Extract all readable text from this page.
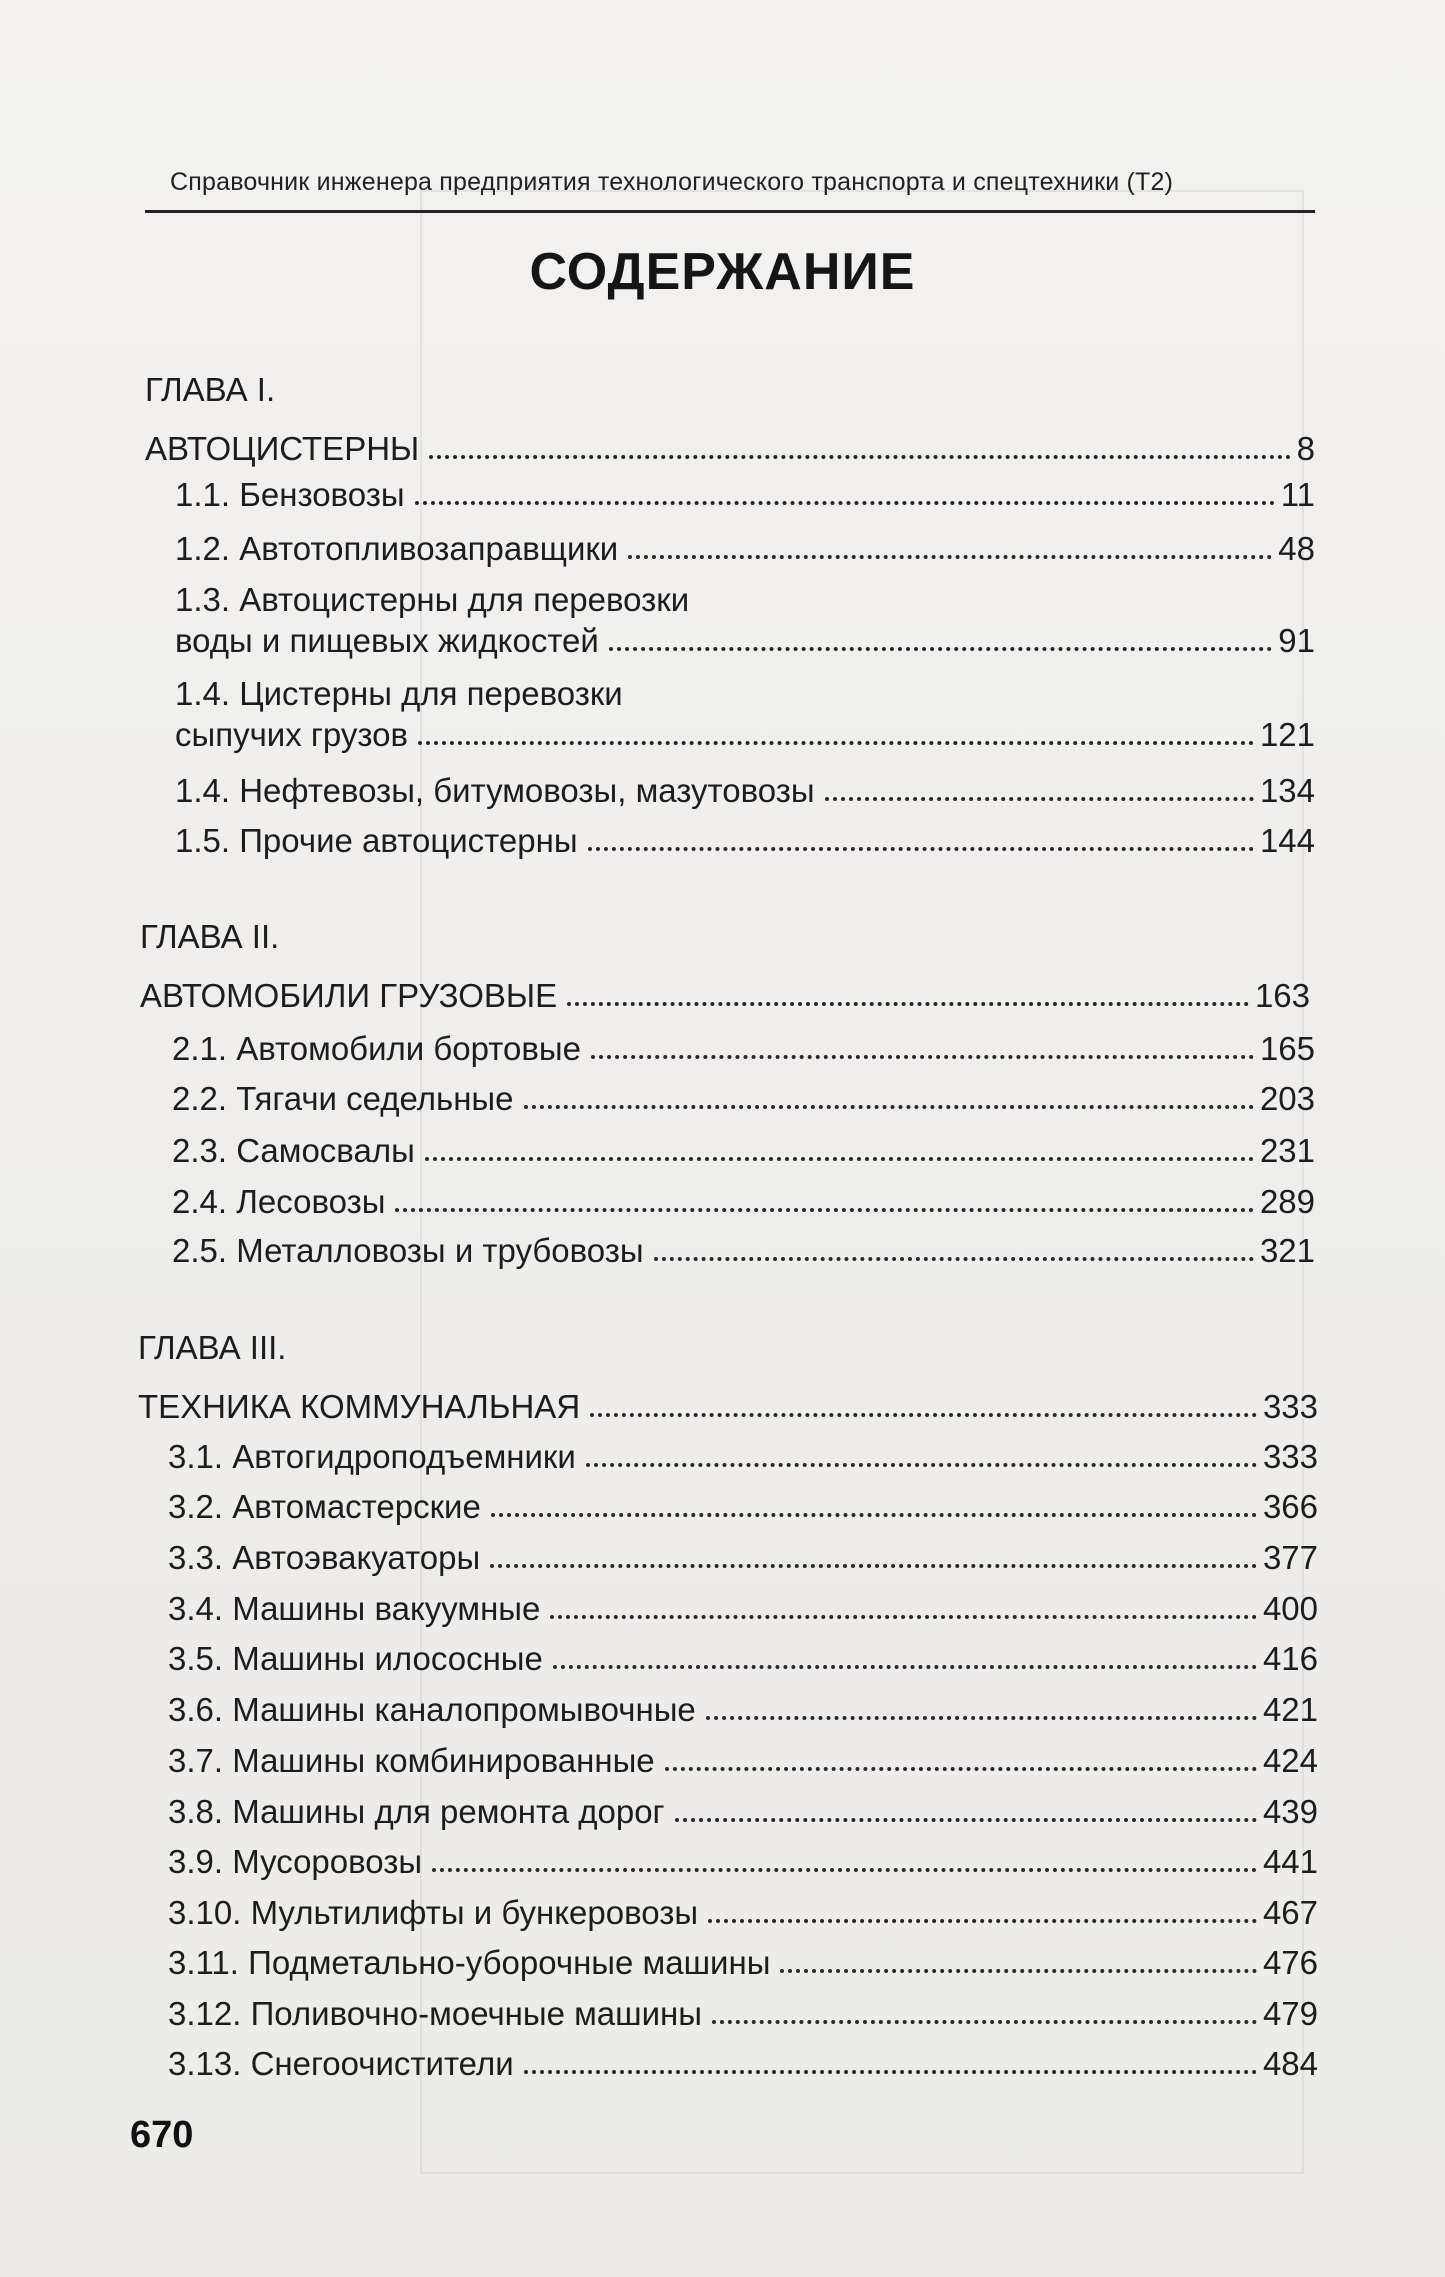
Справочник инженера предприятия технологического транспорта и спецтехники (Т2)
СОДЕРЖАНИЕ
ГЛАВА I.
АВТОЦИСТЕРНЫ	8
1.1. Бензовозы	11
1.2. Автотопливозаправщики	48
1.3. Автоцистерны для перевозки
воды и пищевых жидкостей	91
1.4. Цистерны для перевозки
сыпучих грузов	121
1.4. Нефтевозы, битумовозы, мазутовозы	134
1.5. Прочие автоцистерны	144
ГЛАВА II.
АВТОМОБИЛИ ГРУЗОВЫЕ	163
2.1. Автомобили бортовые	165
2.2. Тягачи седельные	203
2.3. Самосвалы	231
2.4. Лесовозы	289
2.5. Металловозы и трубовозы	321
ГЛАВА III.
ТЕХНИКА КОММУНАЛЬНАЯ	333
3.1. Автогидроподъемники	333
3.2. Автомастерские	366
3.3. Автоэвакуаторы	377
3.4. Машины вакуумные	400
3.5. Машины илососные	416
3.6. Машины каналопромывочные	421
3.7. Машины комбинированные	424
3.8. Машины для ремонта дорог	439
3.9. Мусоровозы	441
3.10. Мультилифты и бункеровозы	467
3.11. Подметально-уборочные машины	476
3.12. Поливочно-моечные машины	479
3.13. Снегоочистители	484
670
